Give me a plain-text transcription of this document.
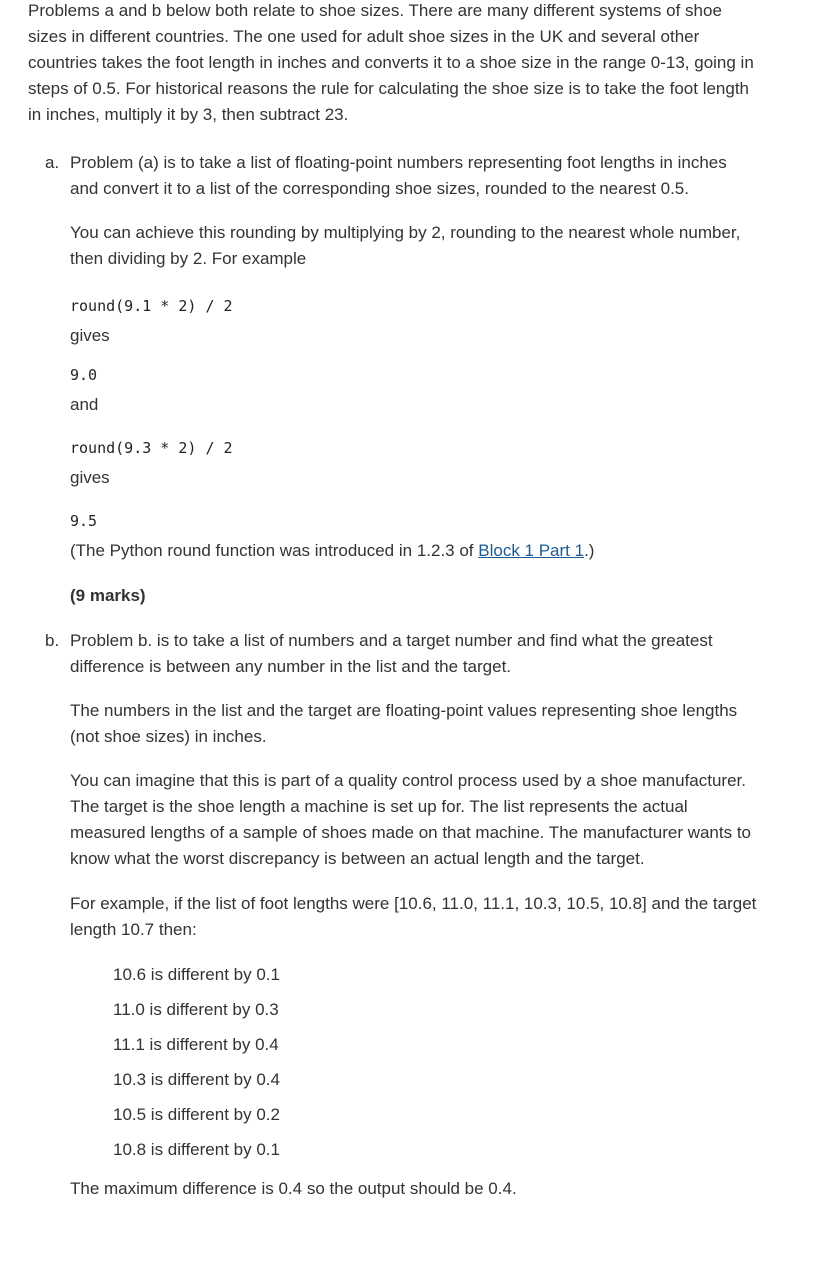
Problems a and b below both relate to shoe sizes. There are many different systems of shoe sizes in different countries. The one used for adult shoe sizes in the UK and several other countries takes the foot length in inches and converts it to a shoe size in the range 0-13, going in steps of 0.5. For historical reasons the rule for calculating the shoe size is to take the foot length in inches, multiply it by 3, then subtract 23.

a. Problem (a) is to take a list of floating-point numbers representing foot lengths in inches and convert it to a list of the corresponding shoe sizes, rounded to the nearest 0.5.

You can achieve this rounding by multiplying by 2, rounding to the nearest whole number, then dividing by 2. For example

round(9.1 * 2) / 2

gives

9.0

and

round(9.3 * 2) / 2

gives

9.5

(The Python round function was introduced in 1.2.3 of Block 1 Part 1.)

(9 marks)

b. Problem b. is to take a list of numbers and a target number and find what the greatest difference is between any number in the list and the target.

The numbers in the list and the target are floating-point values representing shoe lengths (not shoe sizes) in inches.

You can imagine that this is part of a quality control process used by a shoe manufacturer. The target is the shoe length a machine is set up for. The list represents the actual measured lengths of a sample of shoes made on that machine. The manufacturer wants to know what the worst discrepancy is between an actual length and the target.

For example, if the list of foot lengths were [10.6, 11.0, 11.1, 10.3, 10.5, 10.8] and the target length 10.7 then:

10.6 is different by 0.1
11.0 is different by 0.3
11.1 is different by 0.4
10.3 is different by 0.4
10.5 is different by 0.2
10.8 is different by 0.1

The maximum difference is 0.4 so the output should be 0.4.
